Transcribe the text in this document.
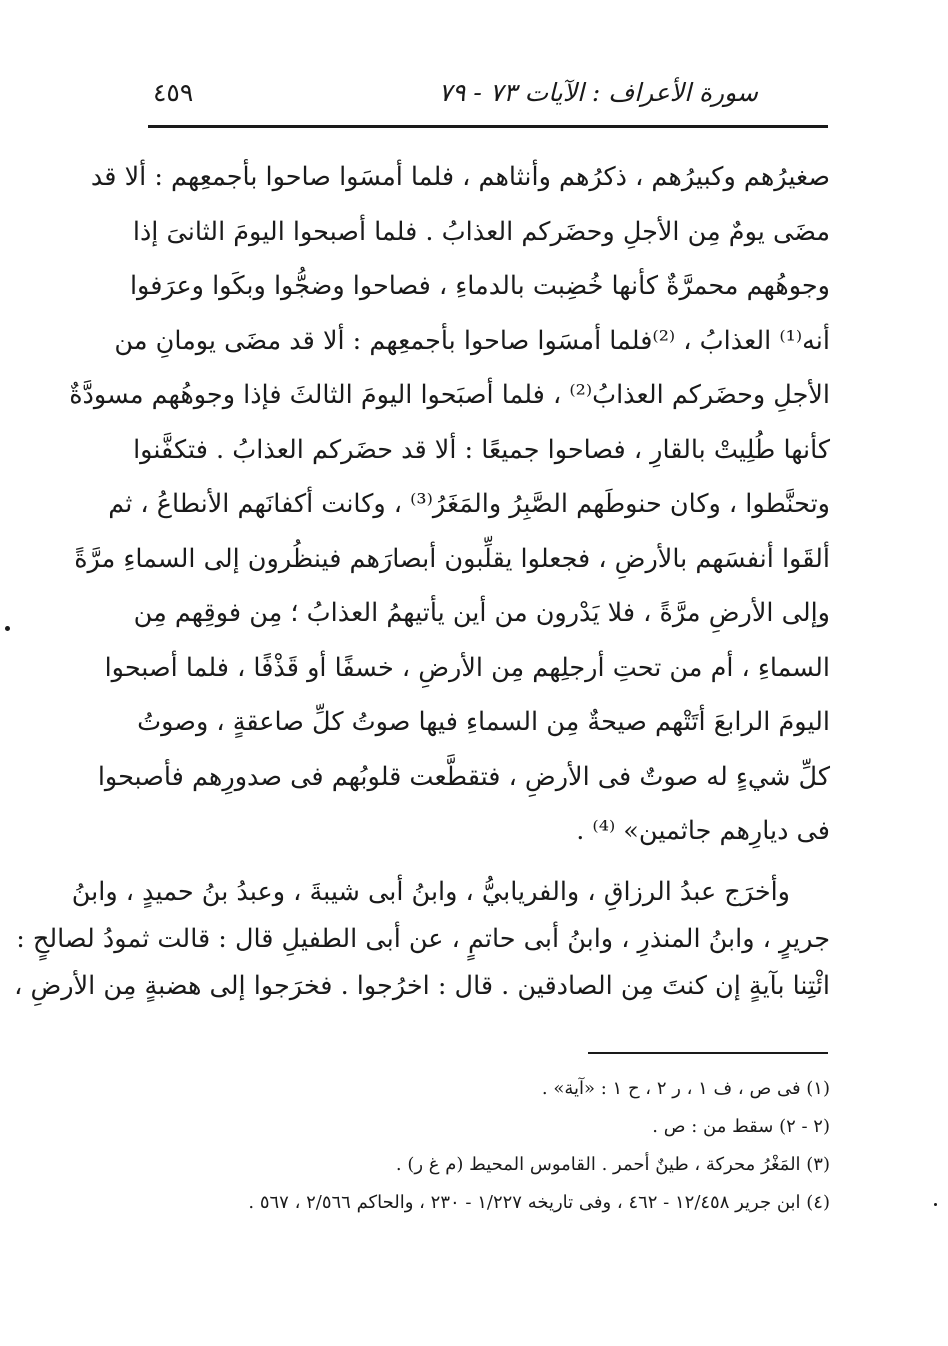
سورة الأعراف : الآيات ٧٣ - ٧٩
٤٥٩
صغيرُهم وكبيرُهم ، ذكرُهم وأنثاهم ، فلما أمسَوا صاحوا بأجمعِهم : ألا قد
مضَى يومٌ مِن الأجلِ وحضَركم العذابُ . فلما أصبحوا اليومَ الثانىَ إذا
وجوهُهم محمرَّةٌ كأنها خُضِبت بالدماءِ ، فصاحوا وضجُّوا وبكَوا وعرَفوا
أنه⁽¹⁾ العذابُ ، ⁽²⁾فلما أمسَوا صاحوا بأجمعِهم : ألا قد مضَى يومانِ من
الأجلِ وحضَركم العذابُ⁽²⁾ ، فلما أصبَحوا اليومَ الثالثَ فإذا وجوهُهم مسودَّةٌ
كأنها طُلِيتْ بالقارِ ، فصاحوا جميعًا : ألا قد حضَركم العذابُ . فتكفَّنوا
وتحنَّطوا ، وكان حنوطَهم الصَّبِرُ والمَغَرُ⁽³⁾ ، وكانت أكفانَهم الأنطاعُ ، ثم
ألقَوا أنفسَهم بالأرضِ ، فجعلوا يقلِّبون أبصارَهم فينظُرون إلى السماءِ مرَّةً
وإلى الأرضِ مرَّةً ، فلا يَدْرون من أين يأتيهمُ العذابُ ؛ مِن فوقِهم مِن
السماءِ ، أم من تحتِ أرجلِهم مِن الأرضِ ، خسفًا أو قَذْفًا ، فلما أصبحوا
اليومَ الرابعَ أتَتْهم صيحةٌ مِن السماءِ فيها صوتُ كلِّ صاعقةٍ ، وصوتُ
كلِّ شيءٍ له صوتٌ فى الأرضِ ، فتقطَّعت قلوبُهم فى صدورِهم فأصبحوا
فى ديارِهم جاثمين» ⁽⁴⁾ .
وأخرَج عبدُ الرزاقِ ، والفريابيُّ ، وابنُ أبى شيبةَ ، وعبدُ بنُ حميدٍ ، وابنُ
جريرٍ ، وابنُ المنذرِ ، وابنُ أبى حاتمٍ ، عن أبى الطفيلِ قال : قالت ثمودُ لصالحٍ :
ائْتِنا بآيةٍ إن كنتَ مِن الصادقين . قال : اخرُجوا . فخرَجوا إلى هضبةٍ مِن الأرضِ ،
(١) فى ص ، ف ١ ، ر ٢ ، ح ١ : «آية» .
(٢ - ٢) سقط من : ص .
(٣) المَغْرُ محركة ، طينٌ أحمر . القاموس المحيط (م غ ر) .
(٤) ابن جرير ١٢/٤٥٨ - ٤٦٢ ، وفى تاريخه ١/٢٢٧ - ٢٣٠ ، والحاكم ٢/٥٦٦ ، ٥٦٧ .
